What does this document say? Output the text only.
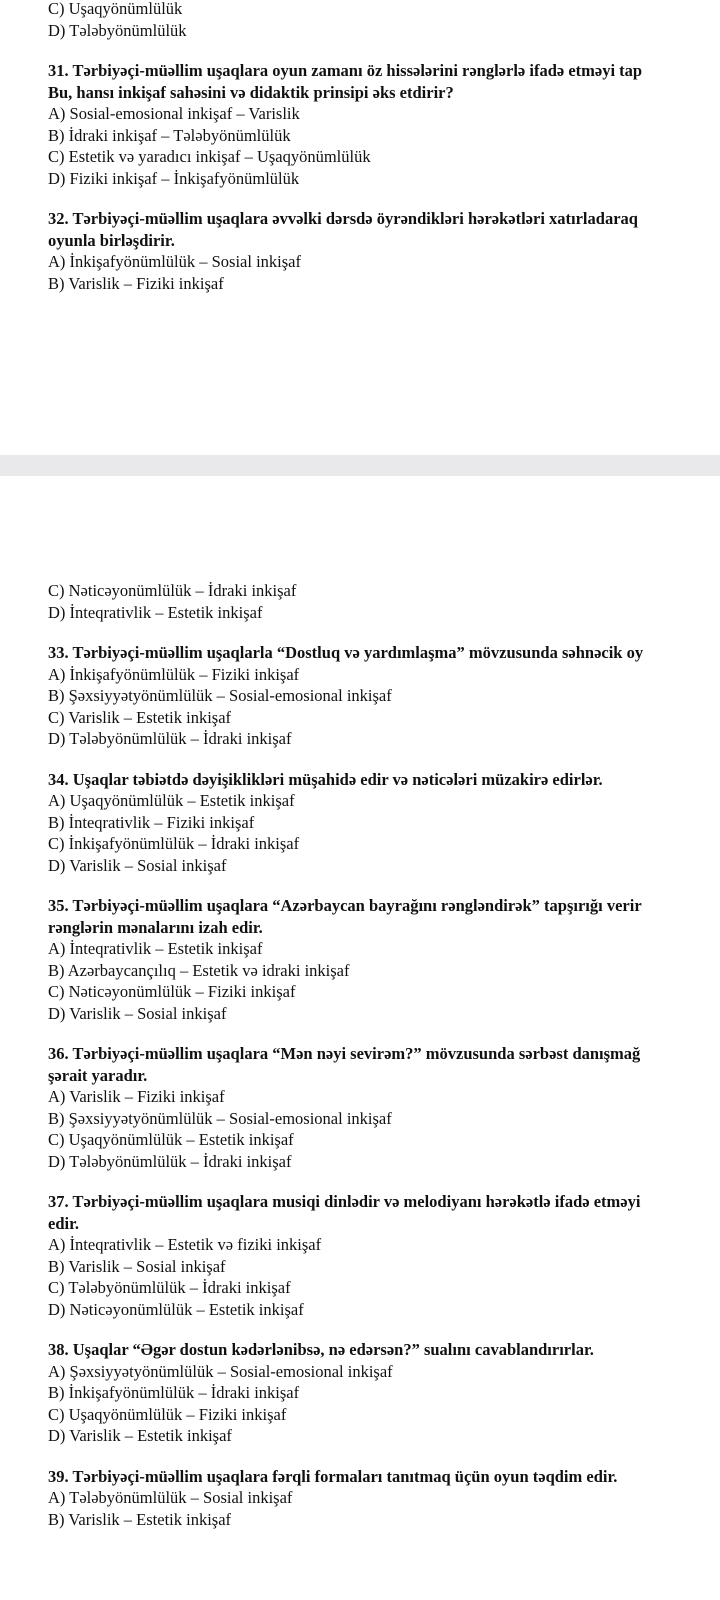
C) Uşaqyönümlülük
D) Tələbyönümlülük
31. Tərbiyəçi-müəllim uşaqlara oyun zamanı öz hissələrini rənglərlə ifadə etməyi tap
Bu, hansı inkişaf sahəsini və didaktik prinsipi əks etdirir?
A) Sosial-emosional inkişaf – Varislik
B) İdraki inkişaf – Tələbyönümlülük
C) Estetik və yaradıcı inkişaf – Uşaqyönümlülük
D) Fiziki inkişaf – İnkişafyönümlülük
32. Tərbiyəçi-müəllim uşaqlara əvvəlki dərsdə öyrəndikləri hərəkətləri xatırladaraq
oyunla birləşdirir.
A) İnkişafyönümlülük – Sosial inkişaf
B) Varislik – Fiziki inkişaf
C) Nəticəyonümlülük – İdraki inkişaf
D) İnteqrativlik – Estetik inkişaf
33. Tərbiyəçi-müəllim uşaqlarla “Dostluq və yardımlaşma” mövzusunda səhnəcik oy
A) İnkişafyönümlülük – Fiziki inkişaf
B) Şəxsiyyətyönümlülük – Sosial-emosional inkişaf
C) Varislik – Estetik inkişaf
D) Tələbyönümlülük – İdraki inkişaf
34. Uşaqlar təbiətdə dəyişiklikləri müşahidə edir və nəticələri müzakirə edirlər.
A) Uşaqyönümlülük – Estetik inkişaf
B) İnteqrativlik – Fiziki inkişaf
C) İnkişafyönümlülük – İdraki inkişaf
D) Varislik – Sosial inkişaf
35. Tərbiyəçi-müəllim uşaqlara “Azərbaycan bayrağını rəngləndirək” tapşırığı verir
rənglərin mənalarını izah edir.
A) İnteqrativlik – Estetik inkişaf
B) Azərbaycançılıq – Estetik və idraki inkişaf
C) Nəticəyonümlülük – Fiziki inkişaf
D) Varislik – Sosial inkişaf
36. Tərbiyəçi-müəllim uşaqlara “Mən nəyi sevirəm?” mövzusunda sərbəst danışmağ
şərait yaradır.
A) Varislik – Fiziki inkişaf
B) Şəxsiyyətyönümlülük – Sosial-emosional inkişaf
C) Uşaqyönümlülük – Estetik inkişaf
D) Tələbyönümlülük – İdraki inkişaf
37. Tərbiyəçi-müəllim uşaqlara musiqi dinlədir və melodiyanı hərəkətlə ifadə etməyi
edir.
A) İnteqrativlik – Estetik və fiziki inkişaf
B) Varislik – Sosial inkişaf
C) Tələbyönümlülük – İdraki inkişaf
D) Nəticəyonümlülük – Estetik inkişaf
38. Uşaqlar “Əgər dostun kədərlənibsə, nə edərsən?” sualını cavablandırırlar.
A) Şəxsiyyətyönümlülük – Sosial-emosional inkişaf
B) İnkişafyönümlülük – İdraki inkişaf
C) Uşaqyönümlülük – Fiziki inkişaf
D) Varislik – Estetik inkişaf
39. Tərbiyəçi-müəllim uşaqlara fərqli formaları tanıtmaq üçün oyun təqdim edir.
A) Tələbyönümlülük – Sosial inkişaf
B) Varislik – Estetik inkişaf
